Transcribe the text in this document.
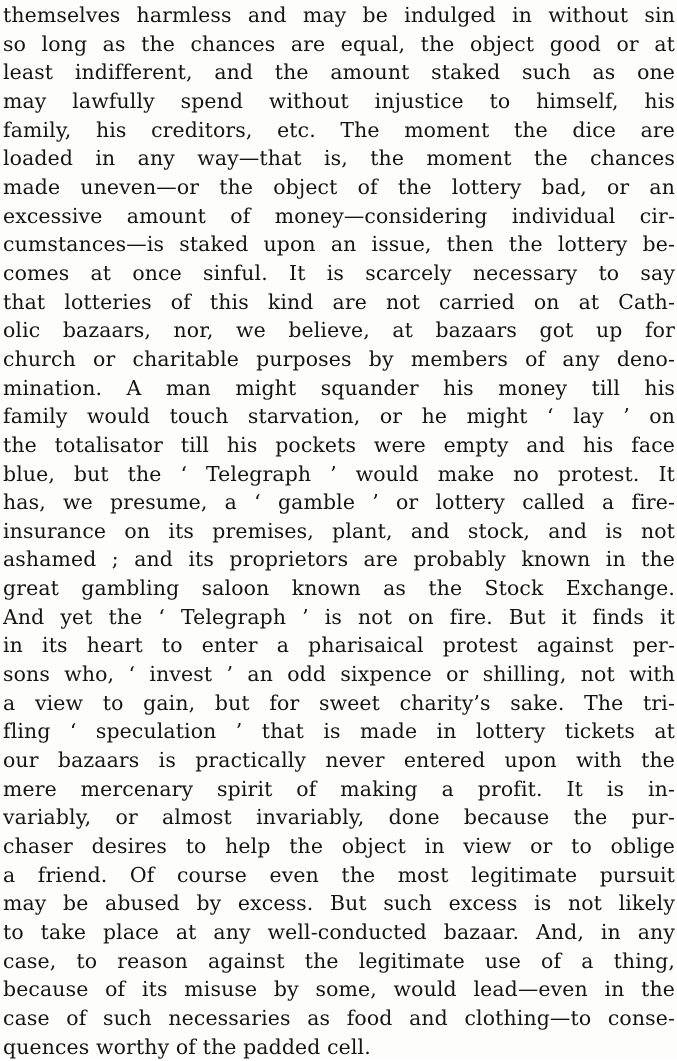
themselves harmless and may be indulged in without sin
so long as the chances are equal, the object good or at
least indifferent, and the amount staked such as one
may lawfully spend without injustice to himself, his
family, his creditors, etc. The moment the dice are
loaded in any way—that is, the moment the chances
made uneven—or the object of the lottery bad, or an
excessive amount of money—considering individual cir-
cumstances—is staked upon an issue, then the lottery be-
comes at once sinful. It is scarcely necessary to say
that lotteries of this kind are not carried on at Cath-
olic bazaars, nor, we believe, at bazaars got up for
church or charitable purposes by members of any deno-
mination. A man might squander his money till his
family would touch starvation, or he might ‘ lay ’ on
the totalisator till his pockets were empty and his face
blue, but the ‘ Telegraph ’ would make no protest. It
has, we presume, a ‘ gamble ’ or lottery called a fire-
insurance on its premises, plant, and stock, and is not
ashamed ; and its proprietors are probably known in the
great gambling saloon known as the Stock Exchange.
And yet the ‘ Telegraph ’ is not on fire. But it finds it
in its heart to enter a pharisaical protest against per-
sons who, ‘ invest ’ an odd sixpence or shilling, not with
a view to gain, but for sweet charity’s sake. The tri-
fling ‘ speculation ’ that is made in lottery tickets at
our bazaars is practically never entered upon with the
mere mercenary spirit of making a profit. It is in-
variably, or almost invariably, done because the pur-
chaser desires to help the object in view or to oblige
a friend. Of course even the most legitimate pursuit
may be abused by excess. But such excess is not likely
to take place at any well-conducted bazaar. And, in any
case, to reason against the legitimate use of a thing,
because of its misuse by some, would lead—even in the
case of such necessaries as food and clothing—to conse-
quences worthy of the padded cell.
